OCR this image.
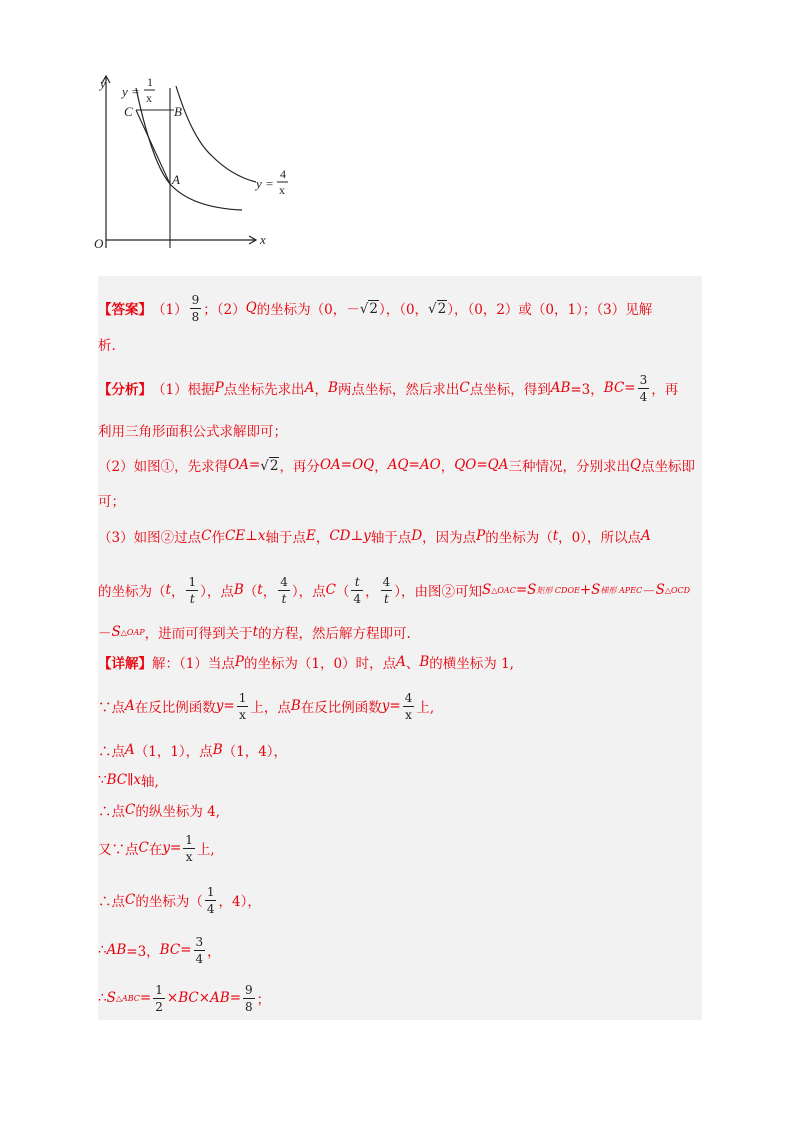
y
x
O
C	B
A
y =
1
x
y =
4
x
【答案】 $(1) \frac{9}{8}$ ；（2） Q 的坐标为（0，－ √ 2 ），（0， √ 2 ），（0，2）或（0，1）；（3）见解
析.
【分析】 （1）根据 P 点坐标先求出 A ， B 两点坐标，然后求出 C 点坐标，得到 AB =3， BC = $\frac{3}{4}$ ，再
利用三角形面积公式求解即可；
（2）如图①，先求得 OA = √ 2 ，再分 OA = OQ ， AQ = AO ， QO = QA 三种情况，分别求出 Q 点坐标即
可；
（3）如图②过点 C 作 CE ⊥ x 轴于点 E ， CD ⊥ y 轴于点 D ，因为点 P 的坐标为（ t ，0），所以点 A
的坐标为（ t ， $\frac{1}{t}$ ），点 B （ t ， $\frac{4}{t}$ ），点 C （ $\frac{t}{4}$ ， $\frac{4}{t}$ ），由图②可知 S △OAC = S 矩形 CDOE + S 梯形 APEC － S △OCD
－ S △OAP ，进而可得到关于 t 的方程，然后解方程即可.
【详解】 解：（1）当点 P 的坐标为（1，0）时，点 A 、 B 的横坐标为 1,
∵点 A 在反比例函数 $y = \frac{1}{x}$ 上，点 B 在反比例函数 $y = \frac{4}{x}$ 上,
∴点 A （1，1），点 B （1，4），
∵ BC ∥ x 轴,
∴点 C 的纵坐标为 4,
又∵点 C 在 $y = \frac{1}{x}$ 上,
∴点 C 的坐标为（ $\frac{1}{4}$ ，4），
∴ AB =3， BC = $\frac{3}{4}$ ，
∴ S △ABC = $\frac{1}{2}$ × BC × AB = $\frac{9}{8}$ ；
